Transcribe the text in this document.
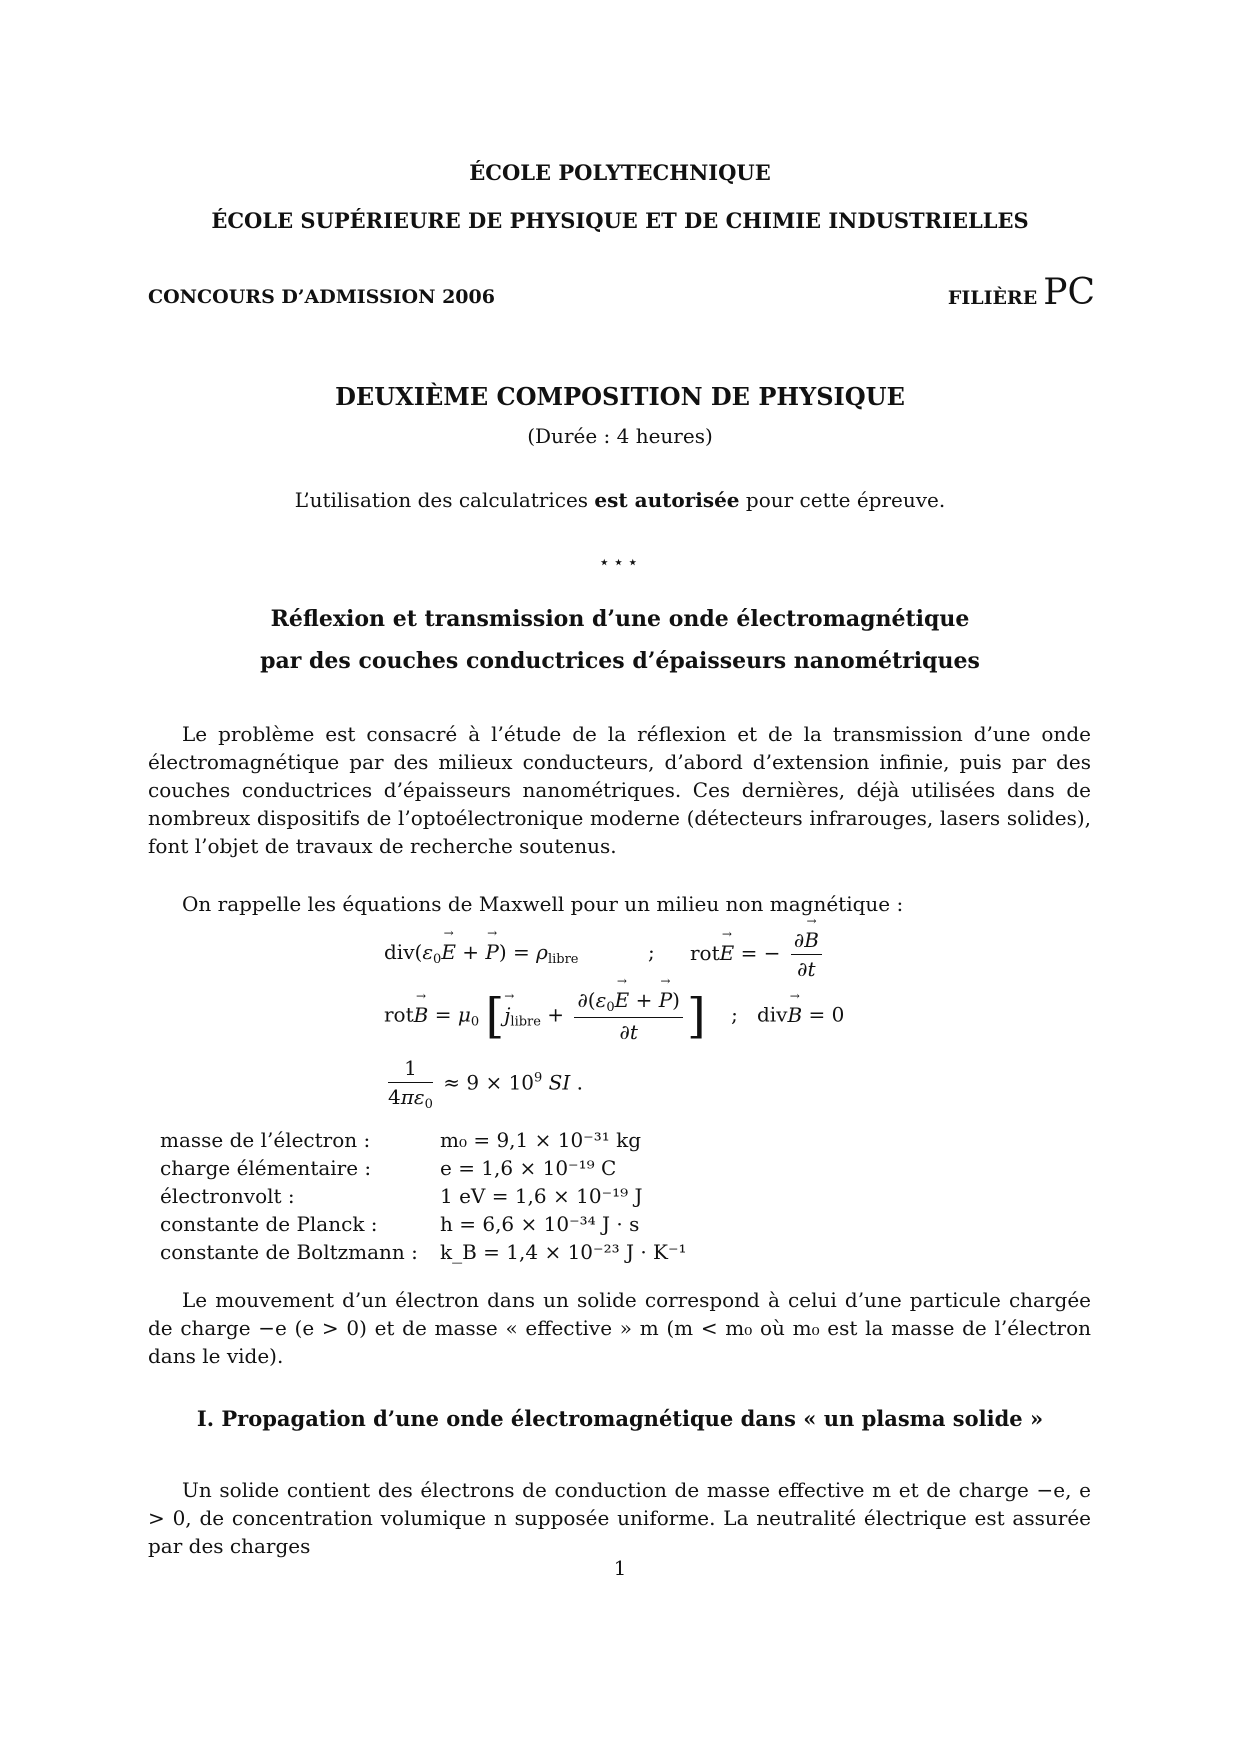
ÉCOLE POLYTECHNIQUE
ÉCOLE SUPÉRIEURE DE PHYSIQUE ET DE CHIMIE INDUSTRIELLES
CONCOURS D’ADMISSION 2006	FILIÈRE PC
DEUXIÈME COMPOSITION DE PHYSIQUE
(Durée : 4 heures)
L’utilisation des calculatrices est autorisée pour cette épreuve.
⋆⋆⋆
Réflexion et transmission d’une onde électromagnétique
par des couches conductrices d’épaisseurs nanométriques

Le problème est consacré à l’étude de la réflexion et de la transmission d’une onde électromagnétique par des milieux conducteurs, d’abord d’extension infinie, puis par des couches conductrices d’épaisseurs nanométriques. Ces dernières, déjà utilisées dans de nombreux dispositifs de l’optoélectronique moderne (détecteurs infrarouges, lasers solides), font l’objet de travaux de recherche soutenus.

On rappelle les équations de Maxwell pour un milieu non magnétique :

$div(\varepsilon_0\to E$ + → $P) = \rho_{libre}$	; rot→ E = − $\frac{\partial\to B}{\partial t}$
$rot\to B = \mu_0$ [→ $j_{libre} + \frac{\partial(\varepsilon_0\to E + \to P)}{\partial t}$ ]    ;   div→ B = 0
$\frac{1}{4\pi\varepsilon_0} \approx 9 \times 10^9$ SI .
masse de l’électron :	m₀ = 9,1 × 10⁻³¹ kg
charge élémentaire :	e = 1,6 × 10⁻¹⁹ C
électronvolt :	1 eV = 1,6 × 10⁻¹⁹ J
constante de Planck :	h = 6,6 × 10⁻³⁴ J · s
constante de Boltzmann :	k_B = 1,4 × 10⁻²³ J · K⁻¹

Le mouvement d’un électron dans un solide correspond à celui d’une particule chargée de charge −e (e > 0) et de masse « effective » m (m < m₀ où m₀ est la masse de l’électron dans le vide).

I. Propagation d’une onde électromagnétique dans « un plasma solide »

Un solide contient des électrons de conduction de masse effective m et de charge −e, e > 0, de concentration volumique n supposée uniforme. La neutralité électrique est assurée par des charges

1
